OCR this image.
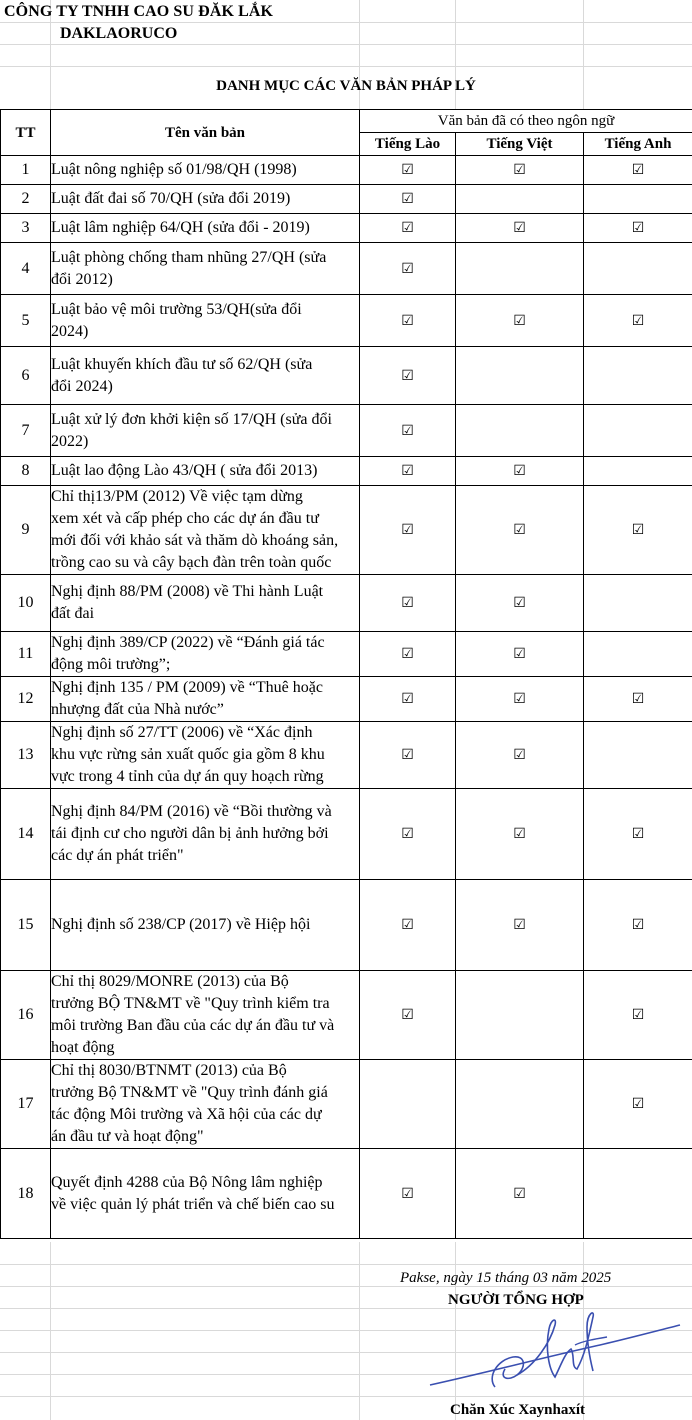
CÔNG TY TNHH CAO SU ĐĂK LẮK
DAKLAORUCO
DANH MỤC CÁC VĂN BẢN PHÁP LÝ
TT	Tên văn bản	Văn bản đã có theo ngôn ngữ		
		Tiếng Lào	Tiếng Việt	Tiếng Anh
1	Luật nông nghiệp số 01/98/QH (1998)	☑	☑	☑
2	Luật đất đai số 70/QH (sửa đổi 2019)	☑		
3	Luật lâm nghiệp 64/QH (sửa đổi - 2019)	☑	☑	☑
4	Luật phòng chống tham nhũng 27/QH (sửa
đổi 2012)	☑		
5	Luật bảo vệ môi trường 53/QH(sửa đổi
2024)	☑	☑	☑
6	Luật khuyến khích đầu tư số 62/QH (sửa
đổi 2024)	☑		
7	Luật xử lý đơn khởi kiện số 17/QH (sửa đổi
2022)	☑		
8	Luật lao động Lào 43/QH ( sửa đổi 2013)	☑	☑	
9	Chỉ thị13/PM (2012) Về việc tạm dừng
xem xét và cấp phép cho các dự án đầu tư
mới đối với khảo sát và thăm dò khoáng sản,
trồng cao su và cây bạch đàn trên toàn quốc	☑	☑	☑
10	Nghị định 88/PM (2008) về Thi hành Luật
đất đai	☑	☑	
11	Nghị định 389/CP (2022) về “Đánh giá tác
động môi trường”;	☑	☑	
12	Nghị định 135 / PM (2009) về “Thuê hoặc
nhượng đất của Nhà nước”	☑	☑	☑
13	Nghị định số 27/TT (2006) về “Xác định
khu vực rừng sản xuất quốc gia gồm 8 khu
vực trong 4 tỉnh của dự án quy hoạch rừng	☑	☑	
14	Nghị định 84/PM (2016) về “Bồi thường và
tái định cư cho người dân bị ảnh hưởng bởi
các dự án phát triển"	☑	☑	☑
15	Nghị định số 238/CP (2017) về Hiệp hội	☑	☑	☑
16	Chỉ thị 8029/MONRE (2013) của Bộ
trưởng BỘ TN&MT về "Quy trình kiểm tra
môi trường Ban đầu của các dự án đầu tư và
hoạt động	☑		☑
17	Chỉ thị 8030/BTNMT (2013) của Bộ
trưởng Bộ TN&MT về "Quy trình đánh giá
tác động Môi trường và Xã hội của các dự
án đầu tư và hoạt động"			☑
18	Quyết định 4288 của Bộ Nông lâm nghiệp
về việc quản lý phát triển và chế biến cao su	☑	☑	
Pakse, ngày 15 tháng 03 năm 2025
NGƯỜI TỔNG HỢP
Chăn Xúc Xaynhaxít
